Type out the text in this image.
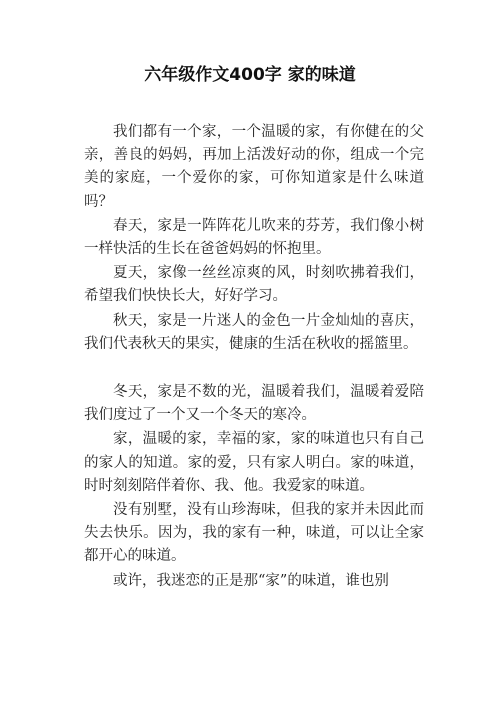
六年级作文400字 家的味道

我们都有一个家，一个温暖的家，有你健在的父亲，善良的妈妈，再加上活泼好动的你，组成一个完美的家庭，一个爱你的家，可你知道家是什么味道吗？

春天，家是一阵阵花儿吹来的芬芳，我们像小树一样快活的生长在爸爸妈妈的怀抱里。

夏天，家像一丝丝凉爽的风，时刻吹拂着我们，希望我们快快长大，好好学习。

秋天，家是一片迷人的金色一片金灿灿的喜庆，我们代表秋天的果实，健康的生活在秋收的摇篮里。

冬天，家是不数的光，温暖着我们，温暖着爱陪我们度过了一个又一个冬天的寒冷。

家，温暖的家，幸福的家，家的味道也只有自己的家人的知道。家的爱，只有家人明白。家的味道，时时刻刻陪伴着你、我、他。我爱家的味道。

没有别墅，没有山珍海味，但我的家并未因此而失去快乐。因为，我的家有一种，味道，可以让全家都开心的味道。

或许，我迷恋的正是那“家”的味道，谁也别
